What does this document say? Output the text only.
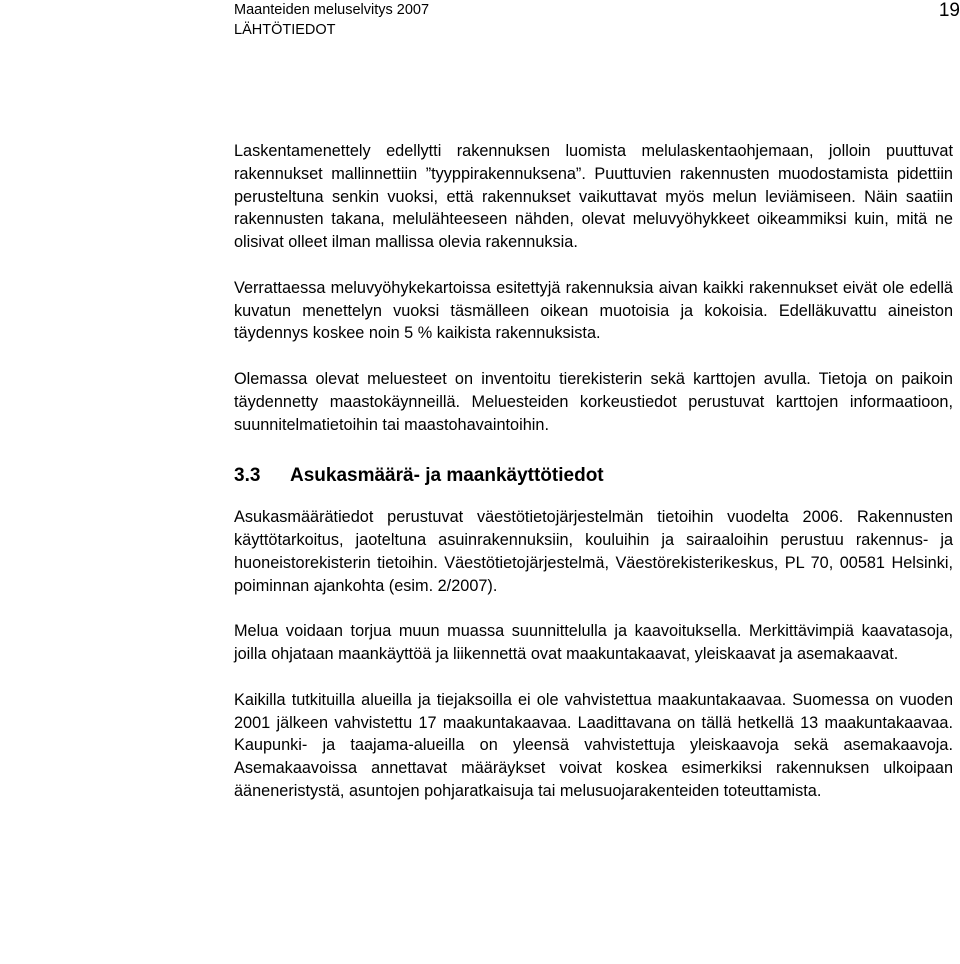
Maanteiden meluselvitys 2007
LÄHTÖTIEDOT
19

Laskentamenettely edellytti rakennuksen luomista melulaskentaohjemaan, jolloin puuttuvat rakennukset mallinnettiin ”tyyppirakennuksena”. Puuttuvien rakennusten muodostamista pidettiin perusteltuna senkin vuoksi, että rakennukset vaikuttavat myös melun leviämiseen. Näin saatiin rakennusten takana, melulähteeseen nähden, olevat meluvyöhykkeet oikeammiksi kuin, mitä ne olisivat olleet ilman mallissa olevia rakennuksia.

Verrattaessa meluvyöhykekartoissa esitettyjä rakennuksia aivan kaikki rakennukset eivät ole edellä kuvatun menettelyn vuoksi täsmälleen oikean muotoisia ja kokoisia. Edelläkuvattu aineiston täydennys koskee noin 5 % kaikista rakennuksista.

Olemassa olevat meluesteet on inventoitu tierekisterin sekä karttojen avulla. Tietoja on paikoin täydennetty maastokäynneillä. Meluesteiden korkeustiedot perustuvat karttojen informaatioon, suunnitelmatietoihin tai maastohavaintoihin.

3.3 Asukasmäärä- ja maankäyttötiedot

Asukasmäärätiedot perustuvat väestötietojärjestelmän tietoihin vuodelta 2006. Rakennusten käyttötarkoitus, jaoteltuna asuinrakennuksiin, kouluihin ja sairaaloihin perustuu rakennus- ja huoneistorekisterin tietoihin. Väestötietojärjestelmä, Väestörekisterikeskus, PL 70, 00581 Helsinki, poiminnan ajankohta (esim. 2/2007).

Melua voidaan torjua muun muassa suunnittelulla ja kaavoituksella. Merkittävimpiä kaavatasoja, joilla ohjataan maankäyttöä ja liikennettä ovat maakuntakaavat, yleiskaavat ja asemakaavat.

Kaikilla tutkituilla alueilla ja tiejaksoilla ei ole vahvistettua maakuntakaavaa. Suomessa on vuoden 2001 jälkeen vahvistettu 17 maakuntakaavaa. Laadittavana on tällä hetkellä 13 maakuntakaavaa. Kaupunki- ja taajama-alueilla on yleensä vahvistettuja yleiskaavoja sekä asemakaavoja. Asemakaavoissa annettavat määräykset voivat koskea esimerkiksi rakennuksen ulkoipaan ääneneristystä, asuntojen pohjaratkaisuja tai melusuojarakenteiden toteuttamista.
